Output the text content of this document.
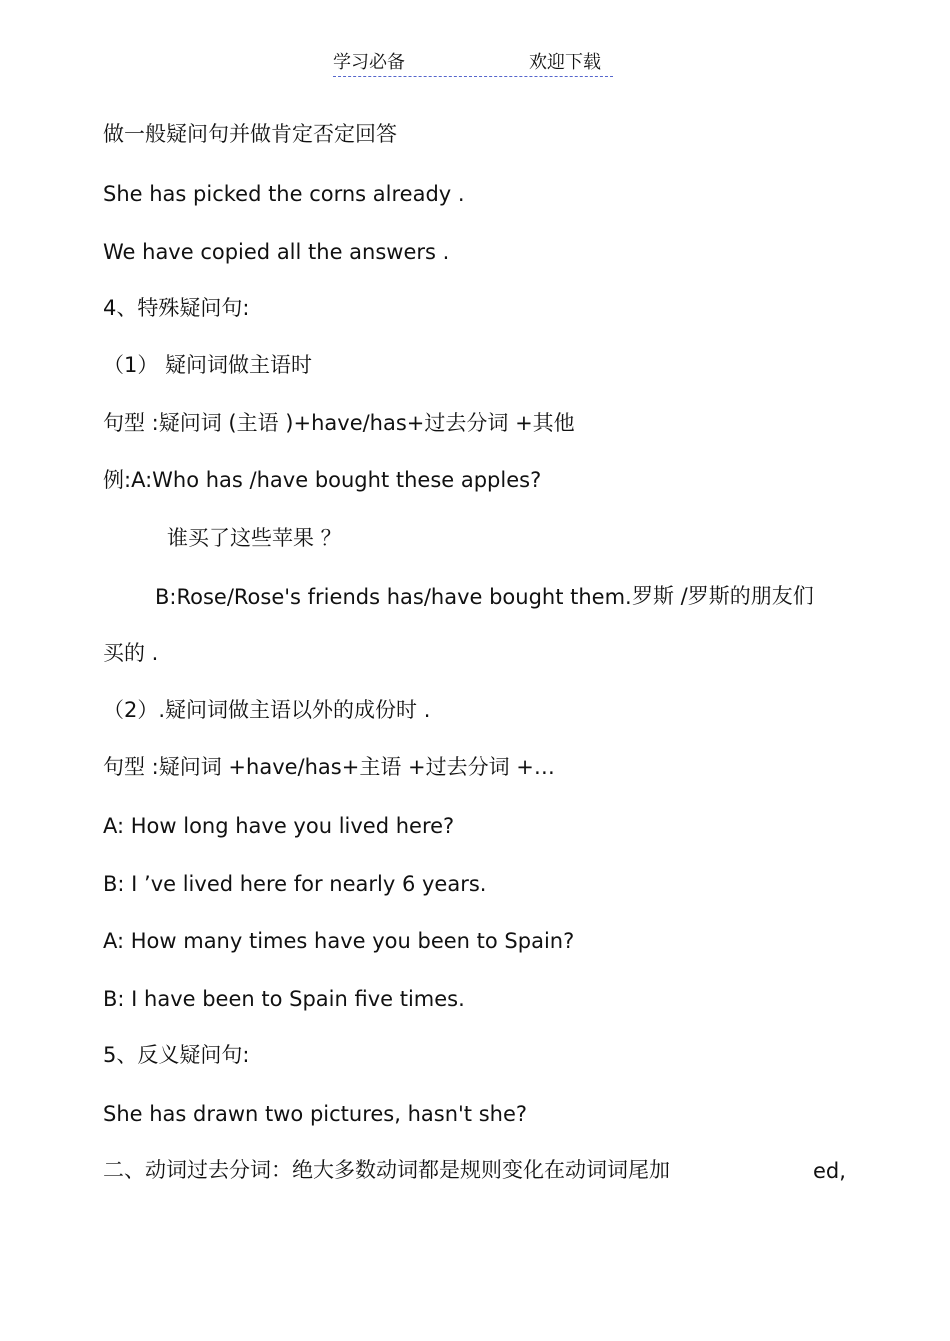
学习必备	欢迎下载
做一般疑问句并做肯定否定回答
She has picked the corns already .
We have copied all the answers .
4、特殊疑问句:
（1） 疑问词做主语时
句型 :疑问词 (主语 )+have/has+过去分词 +其他
例:A:Who has /have bought these apples?
谁买了这些苹果 ？
B:Rose/Rose's friends has/have bought them. 罗斯 /罗斯的朋友们
买的 .
（2）.疑问词做主语以外的成份时 .
句型 :疑问词 +have/has+主语 +过去分词 +…
A: How long have you lived here?
B: I ’ve lived here for nearly 6 years.
A: How many times have you been to Spain?
B: I have been to Spain five times.
5、反义疑问句:
She has drawn two pictures, hasn't she?
二、动词过去分词：绝大多数动词都是规则变化在动词词尾加	ed,
